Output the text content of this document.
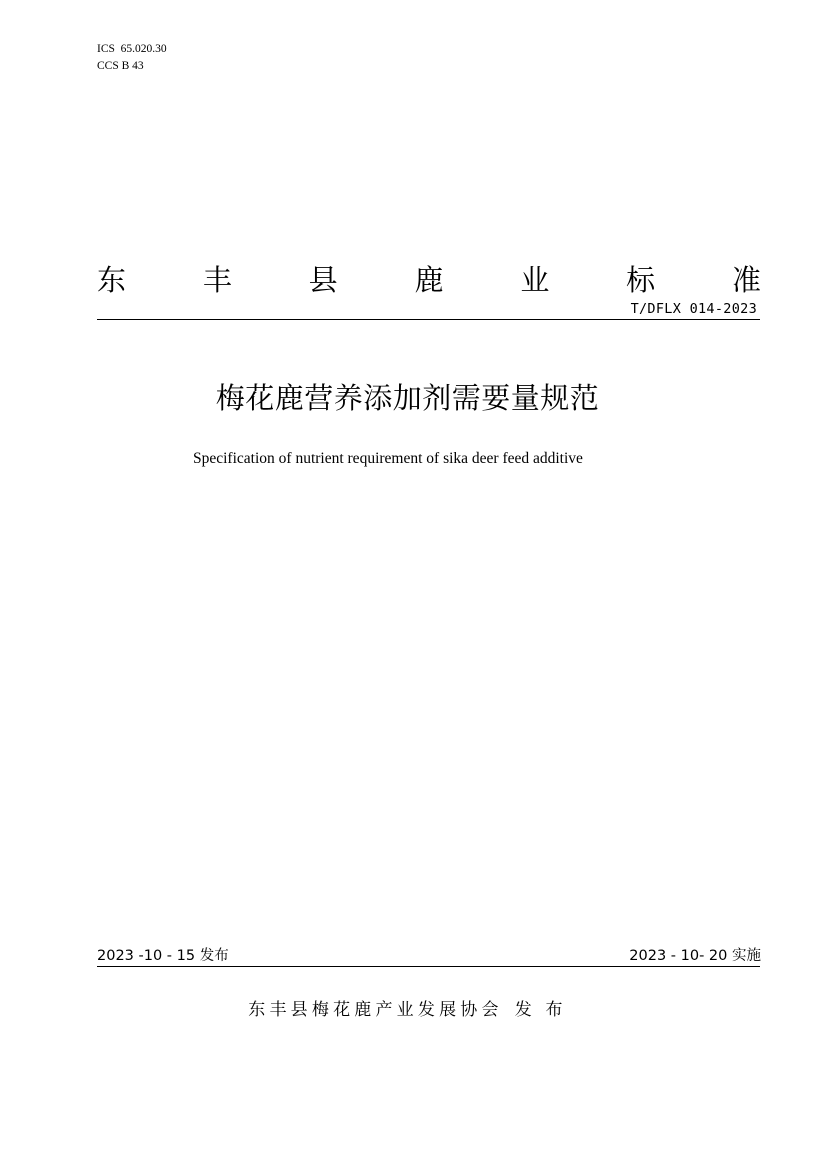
ICS  65.020.30
CCS B 43
东	丰	县	鹿	业	标	准
T/DFLX 014-2023
梅花鹿营养添加剂需要量规范
Specification of nutrient requirement of sika deer feed additive
2023 -10 - 15 发布	2023 - 10- 20 实施
东丰县梅花鹿产业发展协会 发 布
